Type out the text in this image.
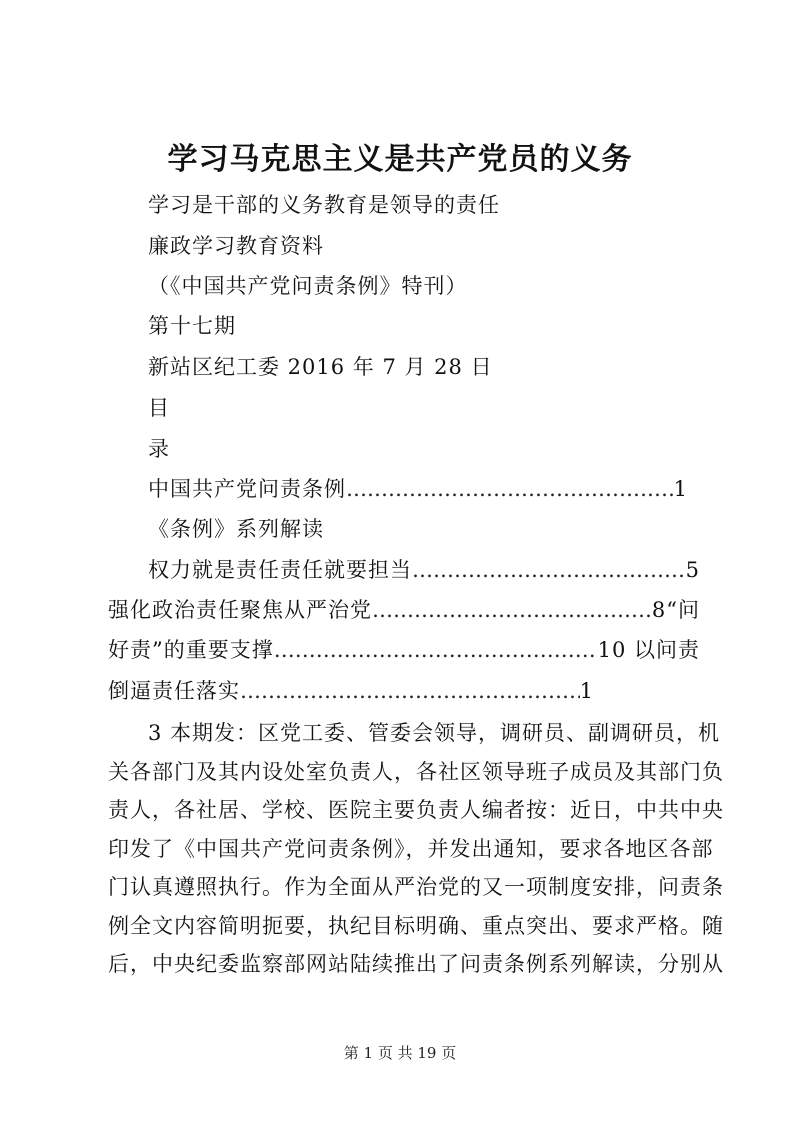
学习马克思主义是共产党员的义务
学习是干部的义务教育是领导的责任
廉政学习教育资料
（《中国共产党问责条例》特刊）
第十七期
新站区纪工委 2016 年 7 月 28 日
目
录
中国共产党问责条例 ……………………………………………………………………………………………………………………………………	1
《条例》系列解读
权力就是责任责任就要担当 ……………………………………………………………………………………………………………………………………	5
强化政治责任聚焦从严治党 ……………………………………………………………………………………………………………………………………	8“问
好责”的重要支撑 ……………………………………………………………………………………………………………………………………	10 以问责
倒逼责任落实 ……………………………………………………………………………………………………………………………………	1
3 本期发：区党工委、管委会领导，调研员、副调研员，机
关各部门及其内设处室负责人，各社区领导班子成员及其部门负
责人，各社居、学校、医院主要负责人编者按：近日，中共中央
印发了《中国共产党问责条例》，并发出通知，要求各地区各部
门认真遵照执行。作为全面从严治党的又一项制度安排，问责条
例全文内容简明扼要，执纪目标明确、重点突出、要求严格。随
后，中央纪委监察部网站陆续推出了问责条例系列解读，分别从
第 1 页 共 19 页
